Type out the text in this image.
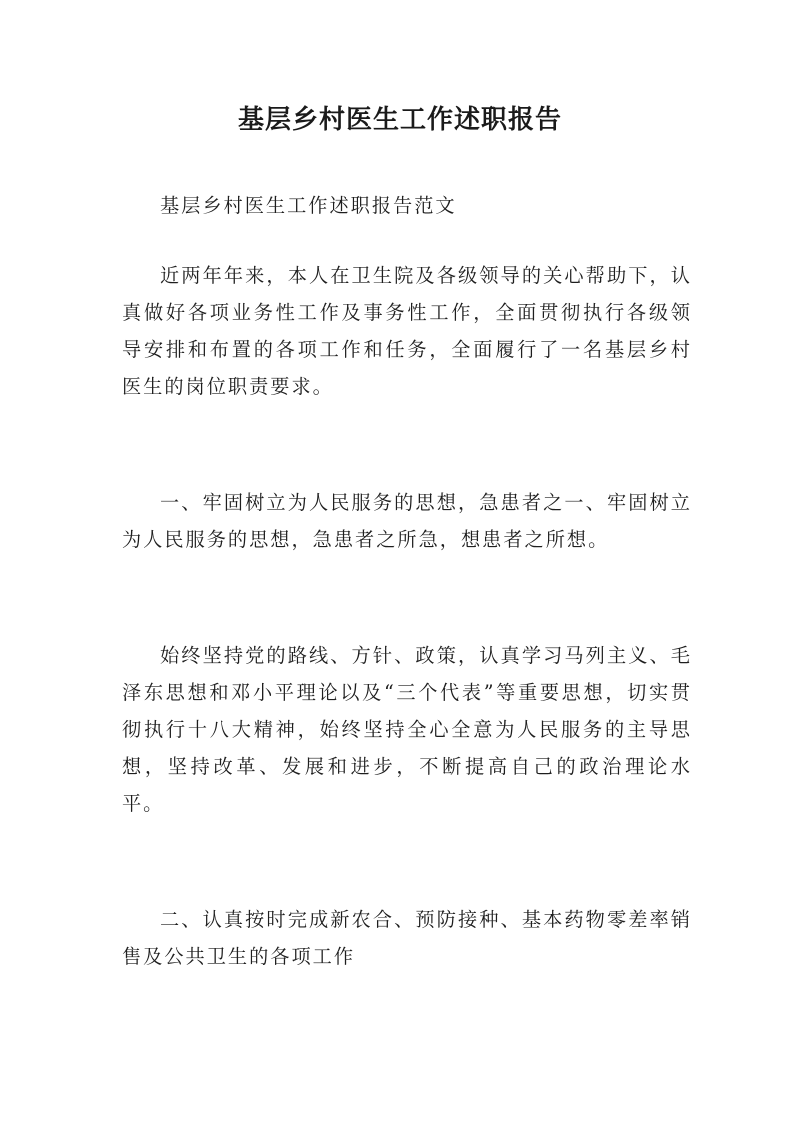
基层乡村医生工作述职报告

基层乡村医生工作述职报告范文

近两年年来，本人在卫生院及各级领导的关心帮助下，认真做好各项业务性工作及事务性工作，全面贯彻执行各级领导安排和布置的各项工作和任务，全面履行了一名基层乡村医生的岗位职责要求。

一、牢固树立为人民服务的思想，急患者之一、牢固树立为人民服务的思想，急患者之所急，想患者之所想。

始终坚持党的路线、方针、政策，认真学习马列主义、毛泽东思想和邓小平理论以及“三个代表”等重要思想，切实贯彻执行十八大精神，始终坚持全心全意为人民服务的主导思想，坚持改革、发展和进步，不断提高自己的政治理论水平。

二、认真按时完成新农合、预防接种、基本药物零差率销售及公共卫生的各项工作
